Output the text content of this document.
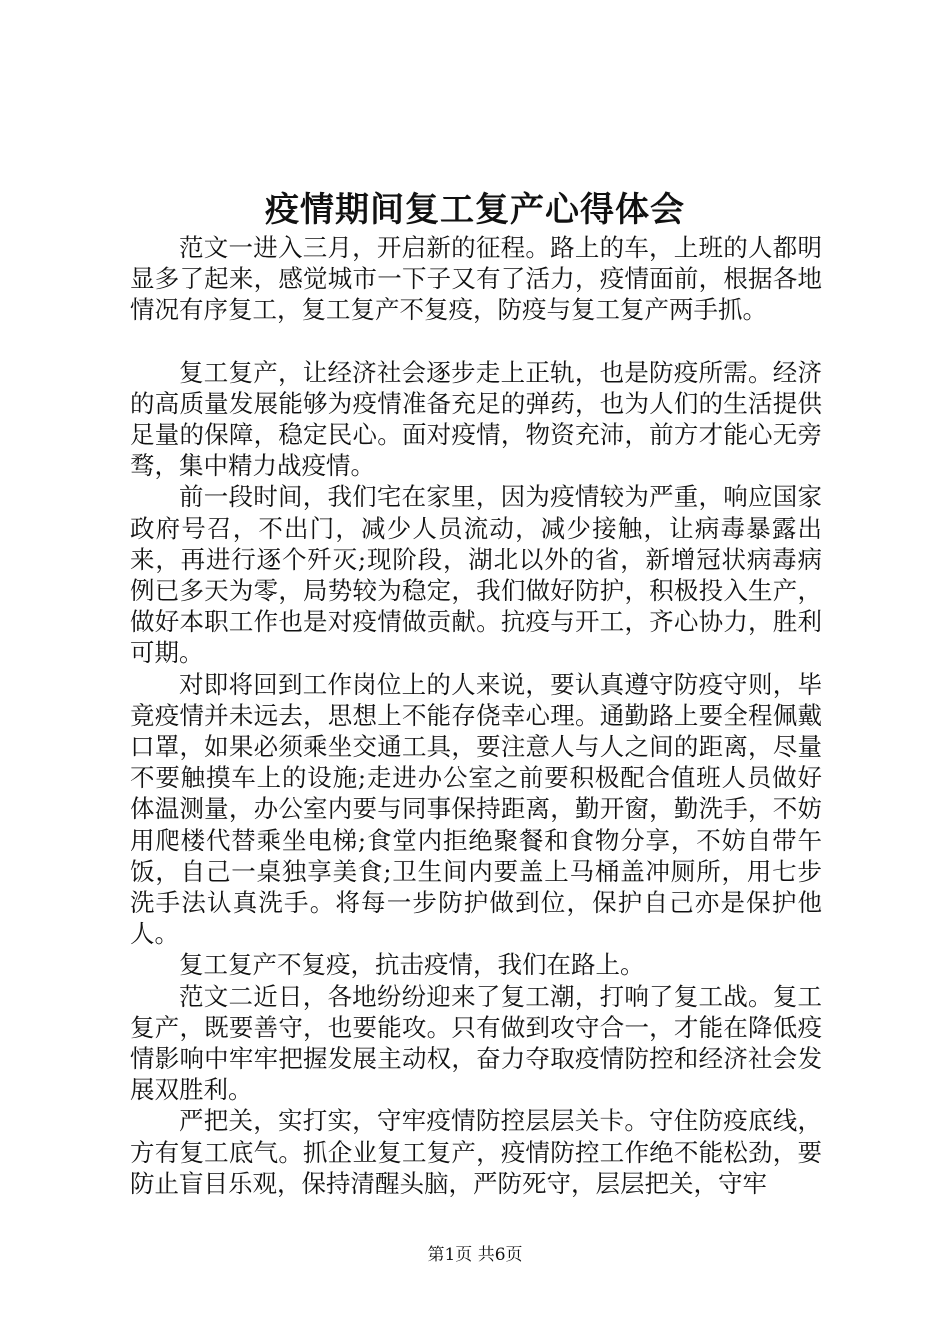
疫情期间复工复产心得体会

范文一进入三月，开启新的征程。路上的车，上班的人都明显多了起来，感觉城市一下子又有了活力，疫情面前，根据各地情况有序复工，复工复产不复疫，防疫与复工复产两手抓。

复工复产，让经济社会逐步走上正轨，也是防疫所需。经济的高质量发展能够为疫情准备充足的弹药，也为人们的生活提供足量的保障，稳定民心。面对疫情，物资充沛，前方才能心无旁骛，集中精力战疫情。

前一段时间，我们宅在家里，因为疫情较为严重，响应国家政府号召，不出门，减少人员流动，减少接触，让病毒暴露出来，再进行逐个歼灭;现阶段，湖北以外的省，新增冠状病毒病例已多天为零，局势较为稳定，我们做好防护，积极投入生产，做好本职工作也是对疫情做贡献。抗疫与开工，齐心协力，胜利可期。

对即将回到工作岗位上的人来说，要认真遵守防疫守则，毕竟疫情并未远去，思想上不能存侥幸心理。通勤路上要全程佩戴口罩，如果必须乘坐交通工具，要注意人与人之间的距离，尽量不要触摸车上的设施;走进办公室之前要积极配合值班人员做好体温测量，办公室内要与同事保持距离，勤开窗，勤洗手，不妨用爬楼代替乘坐电梯;食堂内拒绝聚餐和食物分享，不妨自带午饭，自己一桌独享美食;卫生间内要盖上马桶盖冲厕所，用七步洗手法认真洗手。将每一步防护做到位，保护自己亦是保护他人。

复工复产不复疫，抗击疫情，我们在路上。

范文二近日，各地纷纷迎来了复工潮，打响了复工战。复工复产，既要善守，也要能攻。只有做到攻守合一，才能在降低疫情影响中牢牢把握发展主动权，奋力夺取疫情防控和经济社会发展双胜利。

严把关，实打实，守牢疫情防控层层关卡。守住防疫底线，方有复工底气。抓企业复工复产，疫情防控工作绝不能松劲，要防止盲目乐观，保持清醒头脑，严防死守，层层把关，守牢

第1页 共6页
